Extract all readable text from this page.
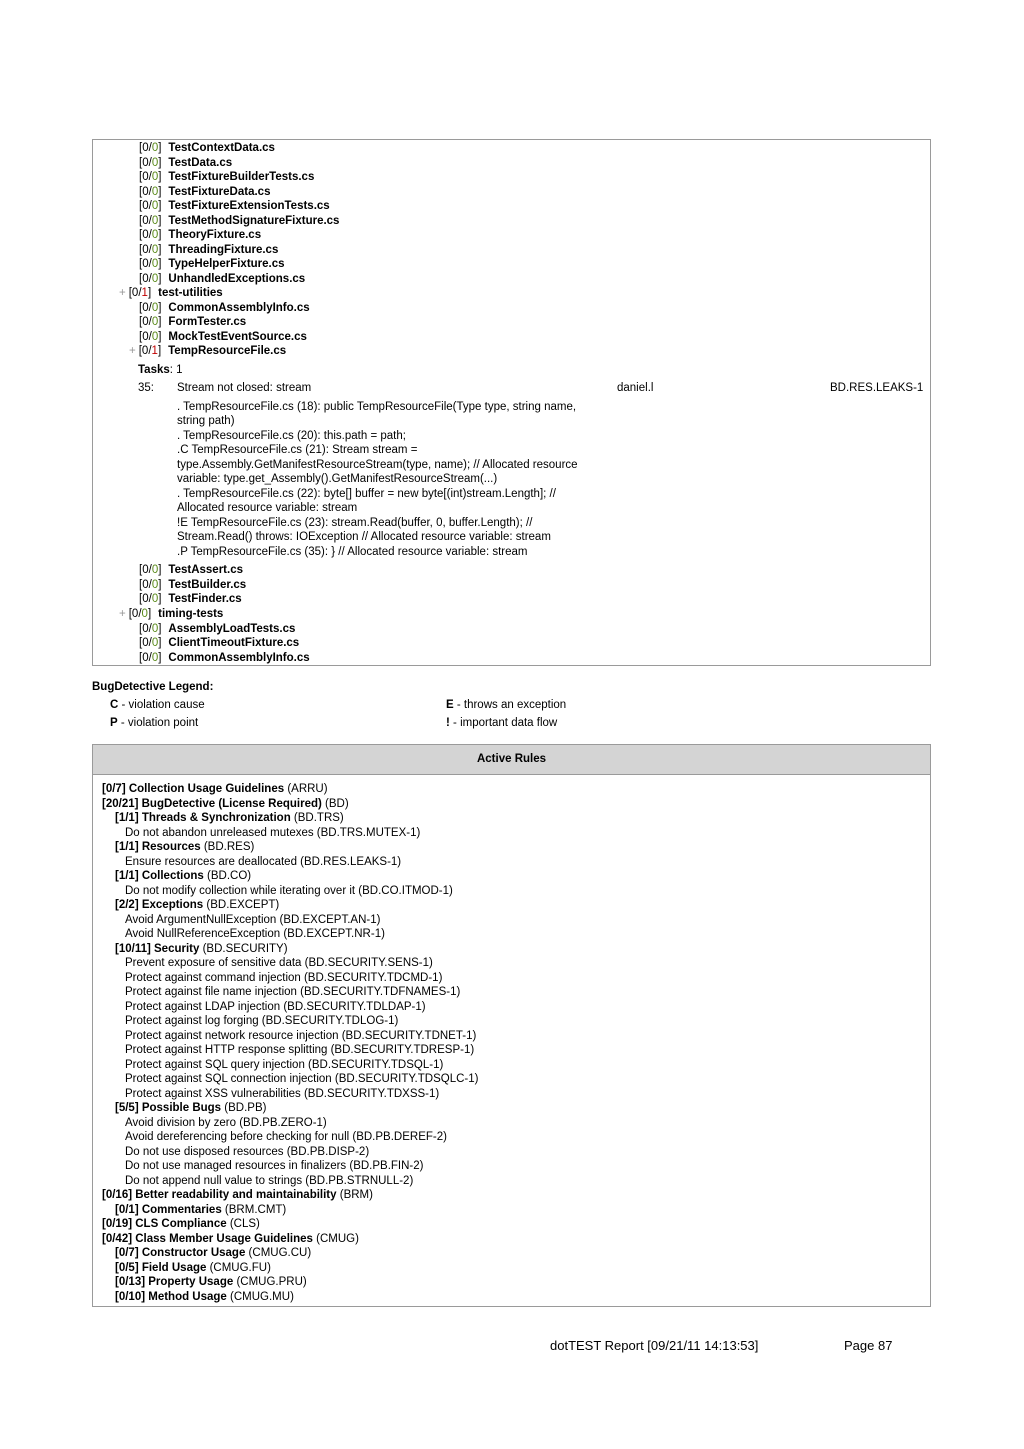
[0/0] TestContextData.cs
[0/0] TestData.cs
[0/0] TestFixtureBuilderTests.cs
[0/0] TestFixtureData.cs
[0/0] TestFixtureExtensionTests.cs
[0/0] TestMethodSignatureFixture.cs
[0/0] TheoryFixture.cs
[0/0] ThreadingFixture.cs
[0/0] TypeHelperFixture.cs
[0/0] UnhandledExceptions.cs
+ [0/1] test-utilities
[0/0] CommonAssemblyInfo.cs
[0/0] FormTester.cs
[0/0] MockTestEventSource.cs
+ [0/1] TempResourceFile.cs
Tasks: 1
35: Stream not closed: stream	daniel.l	BD.RES.LEAKS-1
. TempResourceFile.cs (18): public TempResourceFile(Type type, string name,
string path)
. TempResourceFile.cs (20): this.path = path;
.C TempResourceFile.cs (21): Stream stream =
type.Assembly.GetManifestResourceStream(type, name); // Allocated resource
variable: type.get_Assembly().GetManifestResourceStream(...)
. TempResourceFile.cs (22): byte[] buffer = new byte[(int)stream.Length]; //
Allocated resource variable: stream
!E TempResourceFile.cs (23): stream.Read(buffer, 0, buffer.Length); //
Stream.Read() throws: IOException // Allocated resource variable: stream
.P TempResourceFile.cs (35): } // Allocated resource variable: stream
[0/0] TestAssert.cs
[0/0] TestBuilder.cs
[0/0] TestFinder.cs
+ [0/0] timing-tests
[0/0] AssemblyLoadTests.cs
[0/0] ClientTimeoutFixture.cs
[0/0] CommonAssemblyInfo.cs
BugDetective Legend:
C - violation cause	E - throws an exception
P - violation point	! - important data flow
Active Rules
[0/7] Collection Usage Guidelines (ARRU)
[20/21] BugDetective (License Required) (BD)
[1/1] Threads & Synchronization (BD.TRS)
Do not abandon unreleased mutexes (BD.TRS.MUTEX-1)
[1/1] Resources (BD.RES)
Ensure resources are deallocated (BD.RES.LEAKS-1)
[1/1] Collections (BD.CO)
Do not modify collection while iterating over it (BD.CO.ITMOD-1)
[2/2] Exceptions (BD.EXCEPT)
Avoid ArgumentNullException (BD.EXCEPT.AN-1)
Avoid NullReferenceException (BD.EXCEPT.NR-1)
[10/11] Security (BD.SECURITY)
Prevent exposure of sensitive data (BD.SECURITY.SENS-1)
Protect against command injection (BD.SECURITY.TDCMD-1)
Protect against file name injection (BD.SECURITY.TDFNAMES-1)
Protect against LDAP injection (BD.SECURITY.TDLDAP-1)
Protect against log forging (BD.SECURITY.TDLOG-1)
Protect against network resource injection (BD.SECURITY.TDNET-1)
Protect against HTTP response splitting (BD.SECURITY.TDRESP-1)
Protect against SQL query injection (BD.SECURITY.TDSQL-1)
Protect against SQL connection injection (BD.SECURITY.TDSQLC-1)
Protect against XSS vulnerabilities (BD.SECURITY.TDXSS-1)
[5/5] Possible Bugs (BD.PB)
Avoid division by zero (BD.PB.ZERO-1)
Avoid dereferencing before checking for null (BD.PB.DEREF-2)
Do not use disposed resources (BD.PB.DISP-2)
Do not use managed resources in finalizers (BD.PB.FIN-2)
Do not append null value to strings (BD.PB.STRNULL-2)
[0/16] Better readability and maintainability (BRM)
[0/1] Commentaries (BRM.CMT)
[0/19] CLS Compliance (CLS)
[0/42] Class Member Usage Guidelines (CMUG)
[0/7] Constructor Usage (CMUG.CU)
[0/5] Field Usage (CMUG.FU)
[0/13] Property Usage (CMUG.PRU)
[0/10] Method Usage (CMUG.MU)
dotTEST Report [09/21/11 14:13:53]	Page 87
